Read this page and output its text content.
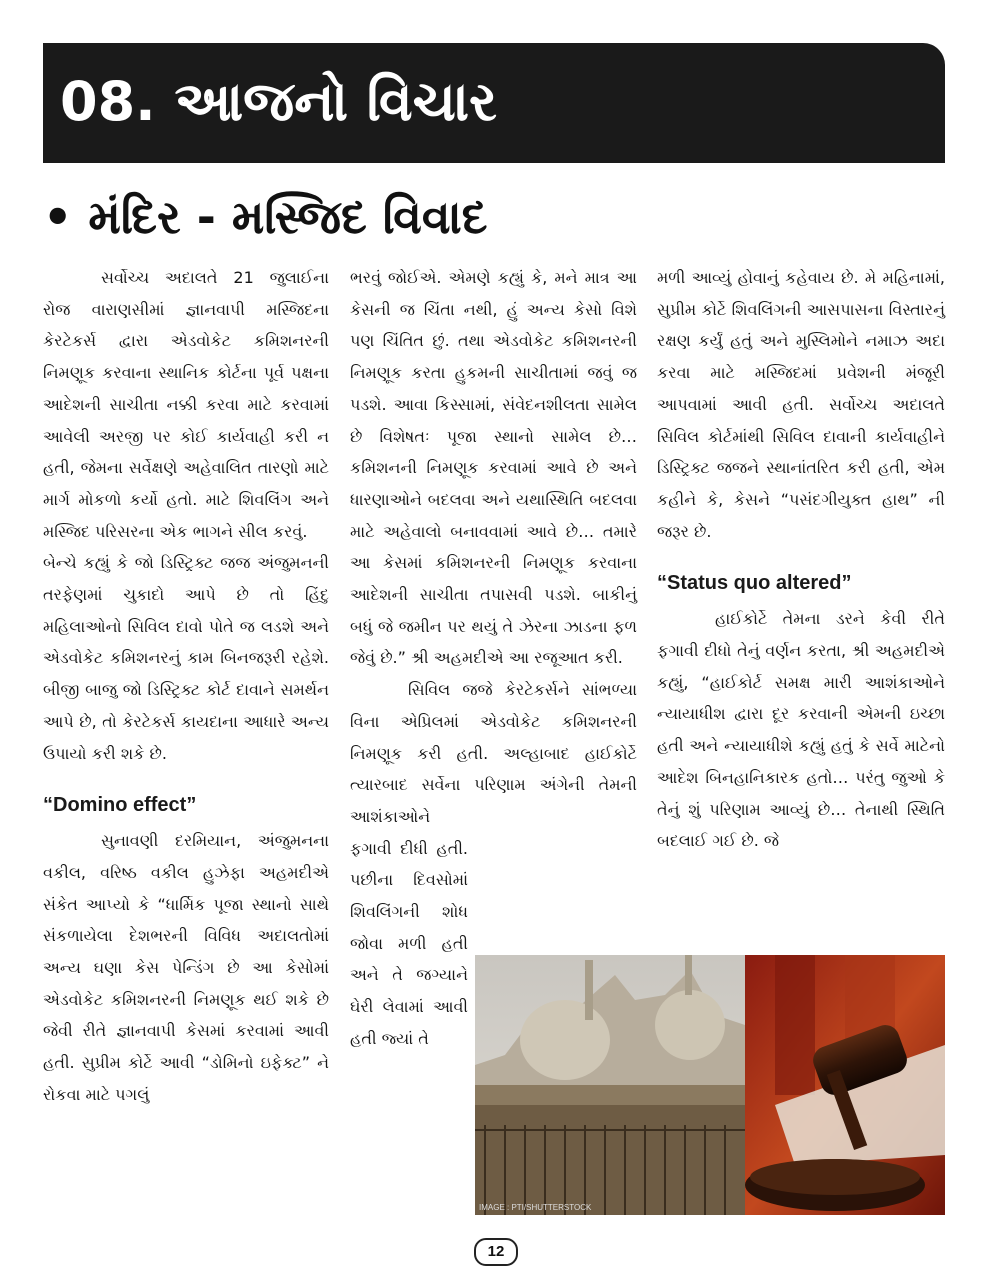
08. આજનો વિચાર
• મંદિર - મસ્જિદ વિવાદ

સર્વોચ્ચ અદાલતે 21 જુલાઈના રોજ વારાણસીમાં જ્ઞાનવાપી મસ્જિદના કેરટેકર્સ દ્વારા એડવોકેટ કમિશનરની નિમણૂક કરવાના સ્થાનિક કોર્ટના પૂર્વ પક્ષના આદેશની સાચીતા નક્કી કરવા માટે કરવામાં આવેલી અરજી પર કોઈ કાર્યવાહી કરી ન હતી, જેમના સર્વેક્ષણે અહેવાલિત તારણો માટે માર્ગ મોકળો કર્યો હતો. માટે શિવલિંગ અને મસ્જિદ પરિસરના એક ભાગને સીલ કરવું.

બેન્ચે કહ્યું કે જો ડિસ્ટ્રિક્ટ જજ અંજુમનની તરફેણમાં ચુકાદો આપે છે તો હિંદુ મહિલાઓનો સિવિલ દાવો પોતે જ લડશે અને એડવોકેટ કમિશનરનું કામ બિનજરૂરી રહેશે. બીજી બાજુ જો ડિસ્ટ્રિક્ટ કોર્ટ દાવાને સમર્થન આપે છે, તો કેરટેકર્સ કાયદાના આધારે અન્ય ઉપાયો કરી શકે છે.

“Domino effect”

સુનાવણી દરમિયાન, અંજુમનના વકીલ, વરિષ્ઠ વકીલ હુઝેફા અહમદીએ સંકેત આપ્યો કે “ધાર્મિક પૂજા સ્થાનો સાથે સંકળાયેલા દેશભરની વિવિધ અદાલતોમાં અન્ય ઘણા કેસ પેન્ડિંગ છે આ કેસોમાં એડવોકેટ કમિશનરની નિમણૂક થઈ શકે છે જેવી રીતે જ્ઞાનવાપી કેસમાં કરવામાં આવી હતી. સુપ્રીમ કોર્ટે આવી “ડોમિનો ઇફેક્ટ” ને રોકવા માટે પગલું

ભરવું જોઈએ. એમણે કહ્યું કે, મને માત્ર આ કેસની જ ચિંતા નથી, હું અન્ય કેસો વિશે પણ ચિંતિત છું. તથા એડવોકેટ કમિશનરની નિમણૂક કરતા હુકમની સાચીતામાં જવું જ પડશે. આવા કિસ્સામાં, સંવેદનશીલતા સામેલ છે વિશેષતઃ પૂજા સ્થાનો સામેલ છે… કમિશનની નિમણૂક કરવામાં આવે છે અને ધારણાઓને બદલવા અને યથાસ્થિતિ બદલવા માટે અહેવાલો બનાવવામાં આવે છે… તમારે આ કેસમાં કમિશનરની નિમણૂક કરવાના આદેશની સાચીતા તપાસવી પડશે. બાકીનું બધું જે જમીન પર થયું તે ઝેરના ઝાડના ફળ જેવું છે.” શ્રી અહમદીએ આ રજૂઆત કરી.

સિવિલ જજે કેરટેકર્સને સાંભળ્યા વિના એપ્રિલમાં એડવોકેટ કમિશનરની નિમણૂક કરી હતી. અલ્હાબાદ હાઈકોર્ટે ત્યારબાદ સર્વેના પરિણામ અંગેની તેમની આશંકાઓને

ફગાવી દીધી હતી. પછીના દિવસોમાં શિવલિંગની શોધ જોવા મળી હતી અને તે જગ્યાને ઘેરી લેવામાં આવી હતી જ્યાં તે

મળી આવ્યું હોવાનું કહેવાય છે. મે મહિનામાં, સુપ્રીમ કોર્ટે શિવલિંગની આસપાસના વિસ્તારનું રક્ષણ કર્યું હતું અને મુસ્લિમોને નમાઝ અદા કરવા માટે મસ્જિદમાં પ્રવેશની મંજૂરી આપવામાં આવી હતી. સર્વોચ્ચ અદાલતે સિવિલ કોર્ટમાંથી સિવિલ દાવાની કાર્યવાહીને ડિસ્ટ્રિક્ટ જજને સ્થાનાંતરિત કરી હતી, એમ કહીને કે, કેસને “પસંદગીયુક્ત હાથ” ની જરૂર છે.

“Status quo altered”

હાઈકોર્ટે તેમના ડરને કેવી રીતે ફગાવી દીધો તેનું વર્ણન કરતા, શ્રી અહમદીએ કહ્યું, “હાઈકોર્ટ સમક્ષ મારી આશંકાઓને ન્યાયાધીશ દ્વારા દૂર કરવાની એમની ઇચ્છા હતી અને ન્યાયાધીશે કહ્યું હતું કે સર્વે માટેનો આદેશ બિનહાનિકારક હતો… પરંતુ જુઓ કે તેનું શું પરિણામ આવ્યું છે… તેનાથી સ્થિતિ બદલાઈ ગઈ છે. જે

IMAGE : PTI/SHUTTERSTOCK
12
